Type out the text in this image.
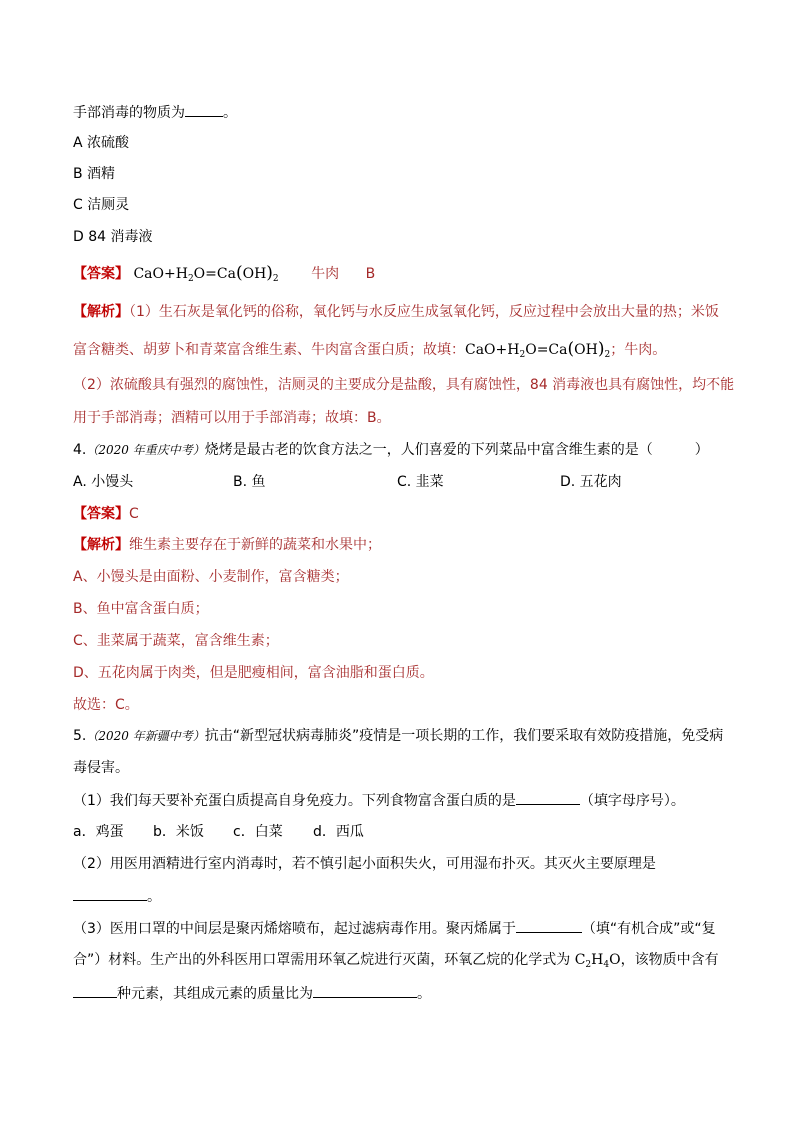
手部消毒的物质为	。
A 浓硫酸
B 酒精
C 洁厕灵
D 84 消毒液
【答案】 $CaO+H_2O=Ca(OH)_2$ 牛肉 B
【解析】（1）生石灰是氧化钙的俗称，氧化钙与水反应生成氢氧化钙，反应过程中会放出大量的热；米饭
富含糖类、胡萝卜和青菜富含维生素、牛肉富含蛋白质；故填：$CaO+H_2O=Ca(OH)_2$；牛肉。
（2）浓硫酸具有强烈的腐蚀性，洁厕灵的主要成分是盐酸，具有腐蚀性，84 消毒液也具有腐蚀性，均不能
用于手部消毒；酒精可以用于手部消毒；故填：B。
4.（2020 年重庆中考）烧烤是最古老的饮食方法之一，人们喜爱的下列菜品中富含维生素的是（　　　）
A. 小馒头	B. 鱼	C. 韭菜	D. 五花肉
【答案】C
【解析】维生素主要存在于新鲜的蔬菜和水果中；
A、小馒头是由面粉、小麦制作，富含糖类；
B、鱼中富含蛋白质；
C、韭菜属于蔬菜，富含维生素；
D、五花肉属于肉类，但是肥瘦相间，富含油脂和蛋白质。
故选：C。
5.（2020 年新疆中考）抗击“新型冠状病毒肺炎”疫情是一项长期的工作，我们要采取有效防疫措施，免受病
毒侵害。
（1）我们每天要补充蛋白质提高自身免疫力。下列食物富含蛋白质的是	（填字母序号）。
a．鸡蛋 b．米饭 c．白菜 d．西瓜
（2）用医用酒精进行室内消毒时，若不慎引起小面积失火，可用湿布扑灭。其灭火主要原理是
。
（3）医用口罩的中间层是聚丙烯熔喷布，起过滤病毒作用。聚丙烯属于	（填“有机合成”或“复
合”）材料。生产出的外科医用口罩需用环氧乙烷进行灭菌，环氧乙烷的化学式为 $C_2H_4O$，该物质中含有
种元素，其组成元素的质量比为	。
